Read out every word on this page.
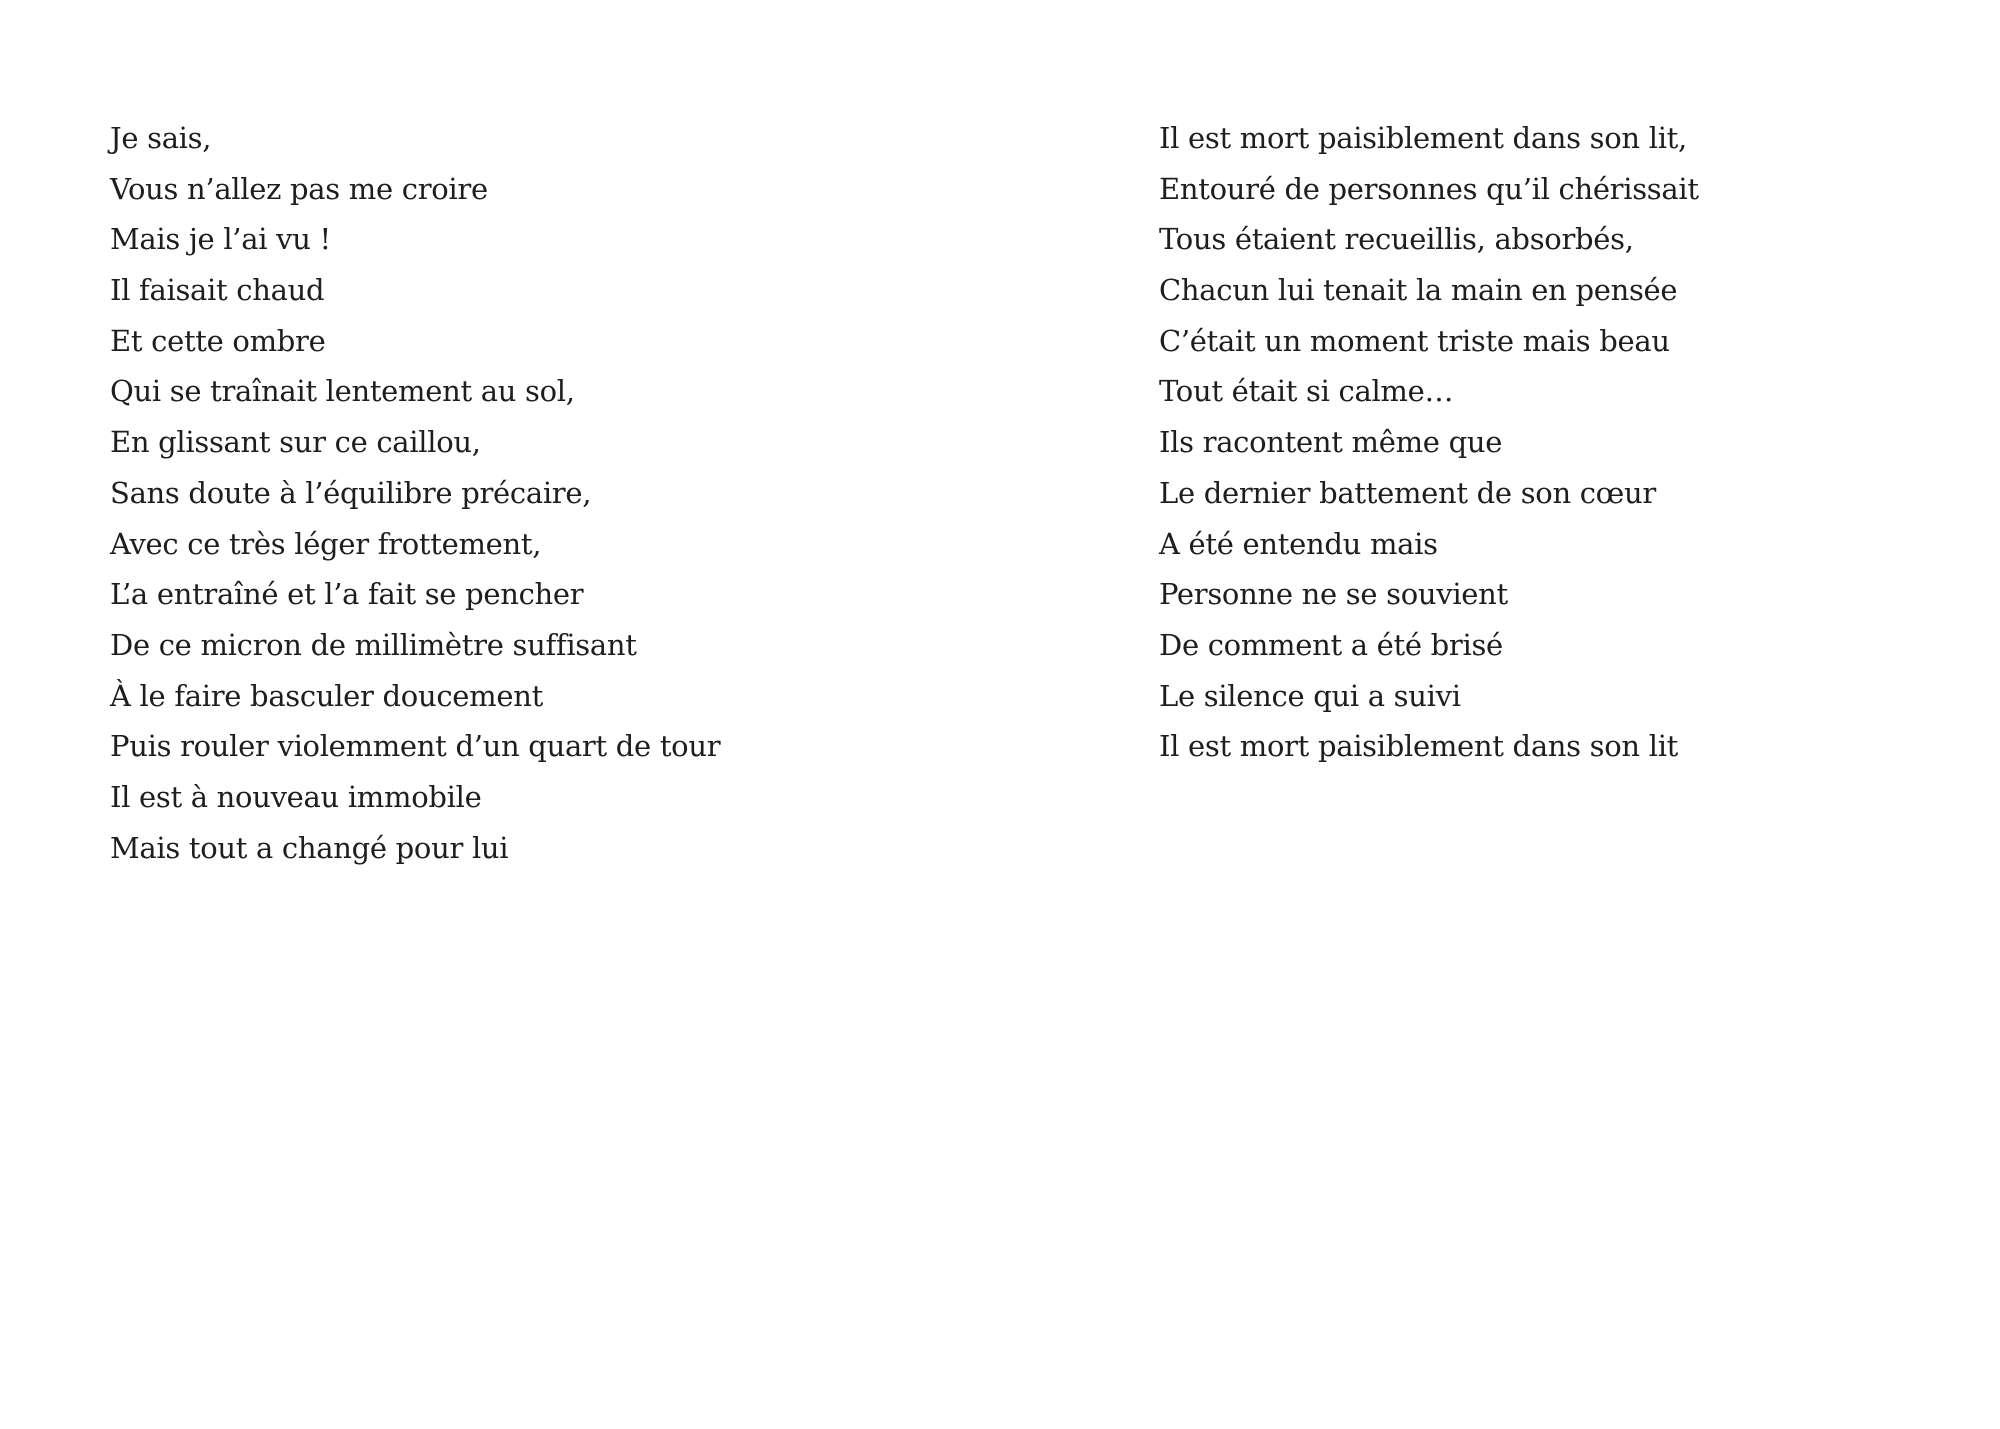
Je sais,
Vous n’allez pas me croire
Mais je l’ai vu !
Il faisait chaud
Et cette ombre
Qui se traînait lentement au sol,
En glissant sur ce caillou,
Sans doute à l’équilibre précaire,
Avec ce très léger frottement,
L’a entraîné et l’a fait se pencher
De ce micron de millimètre suffisant
À le faire basculer doucement
Puis rouler violemment d’un quart de tour
Il est à nouveau immobile
Mais tout a changé pour lui
Il est mort paisiblement dans son lit,
Entouré de personnes qu’il chérissait
Tous étaient recueillis, absorbés,
Chacun lui tenait la main en pensée
C’était un moment triste mais beau
Tout était si calme…
Ils racontent même que
Le dernier battement de son cœur
A été entendu mais
Personne ne se souvient
De comment a été brisé
Le silence qui a suivi
Il est mort paisiblement dans son lit
